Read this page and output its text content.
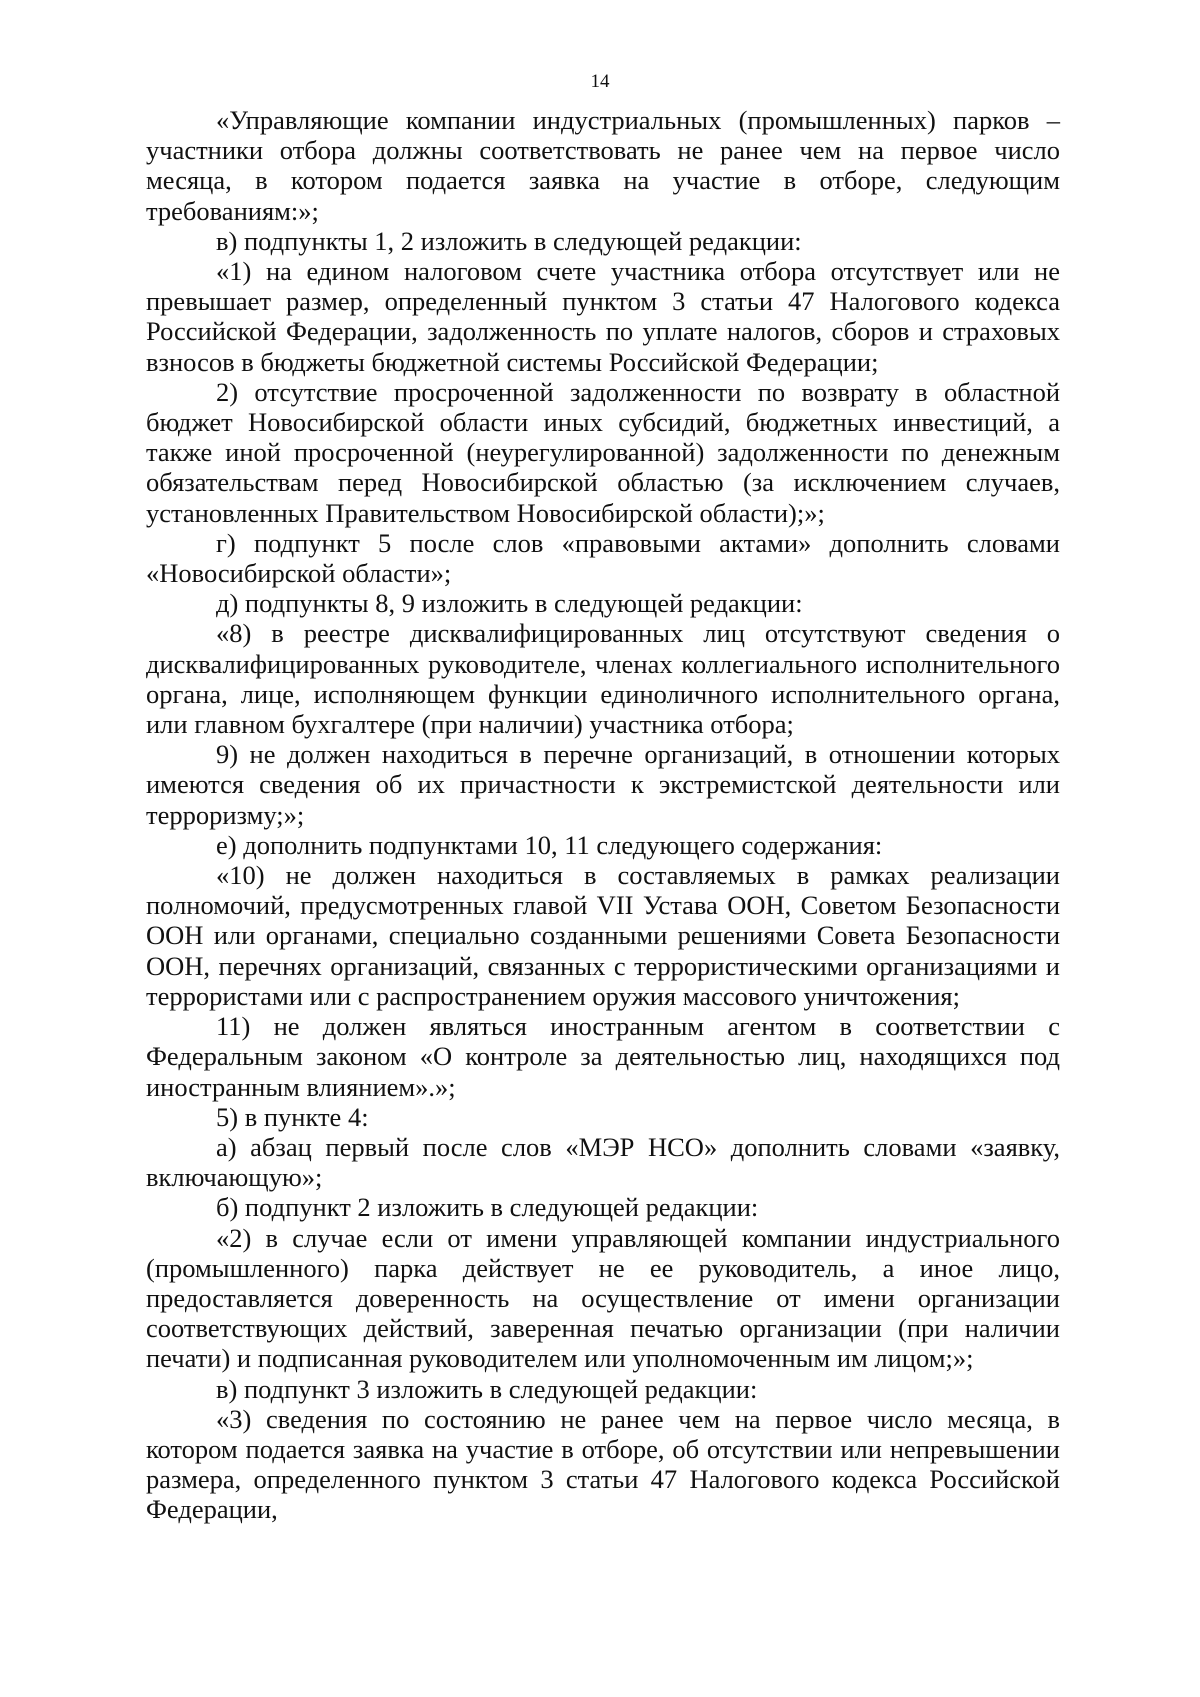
14

«Управляющие компании индустриальных (промышленных) парков – участники отбора должны соответствовать не ранее чем на первое число месяца, в котором подается заявка на участие в отборе, следующим требованиям:»;

в) подпункты 1, 2 изложить в следующей редакции:

«1) на едином налоговом счете участника отбора отсутствует или не превышает размер, определенный пунктом 3 статьи 47 Налогового кодекса Российской Федерации, задолженность по уплате налогов, сборов и страховых взносов в бюджеты бюджетной системы Российской Федерации;

2) отсутствие просроченной задолженности по возврату в областной бюджет Новосибирской области иных субсидий, бюджетных инвестиций, а также иной просроченной (неурегулированной) задолженности по денежным обязательствам перед Новосибирской областью (за исключением случаев, установленных Правительством Новосибирской области);»;

г) подпункт 5 после слов «правовыми актами» дополнить словами «Новосибирской области»;

д) подпункты 8, 9 изложить в следующей редакции:

«8) в реестре дисквалифицированных лиц отсутствуют сведения о дисквалифицированных руководителе, членах коллегиального исполнительного органа, лице, исполняющем функции единоличного исполнительного органа, или главном бухгалтере (при наличии) участника отбора;

9) не должен находиться в перечне организаций, в отношении которых имеются сведения об их причастности к экстремистской деятельности или терроризму;»;

е) дополнить подпунктами 10, 11 следующего содержания:

«10) не должен находиться в составляемых в рамках реализации полномочий, предусмотренных главой VII Устава ООН, Советом Безопасности ООН или органами, специально созданными решениями Совета Безопасности ООН, перечнях организаций, связанных с террористическими организациями и террористами или с распространением оружия массового уничтожения;

11) не должен являться иностранным агентом в соответствии с Федеральным законом «О контроле за деятельностью лиц, находящихся под иностранным влиянием».»;

5) в пункте 4:

а) абзац первый после слов «МЭР НСО» дополнить словами «заявку, включающую»;

б) подпункт 2 изложить в следующей редакции:

«2) в случае если от имени управляющей компании индустриального (промышленного) парка действует не ее руководитель, а иное лицо, предоставляется доверенность на осуществление от имени организации соответствующих действий, заверенная печатью организации (при наличии печати) и подписанная руководителем или уполномоченным им лицом;»;

в) подпункт 3 изложить в следующей редакции:

«3) сведения по состоянию не ранее чем на первое число месяца, в котором подается заявка на участие в отборе, об отсутствии или непревышении размера, определенного пунктом 3 статьи 47 Налогового кодекса Российской Федерации,
